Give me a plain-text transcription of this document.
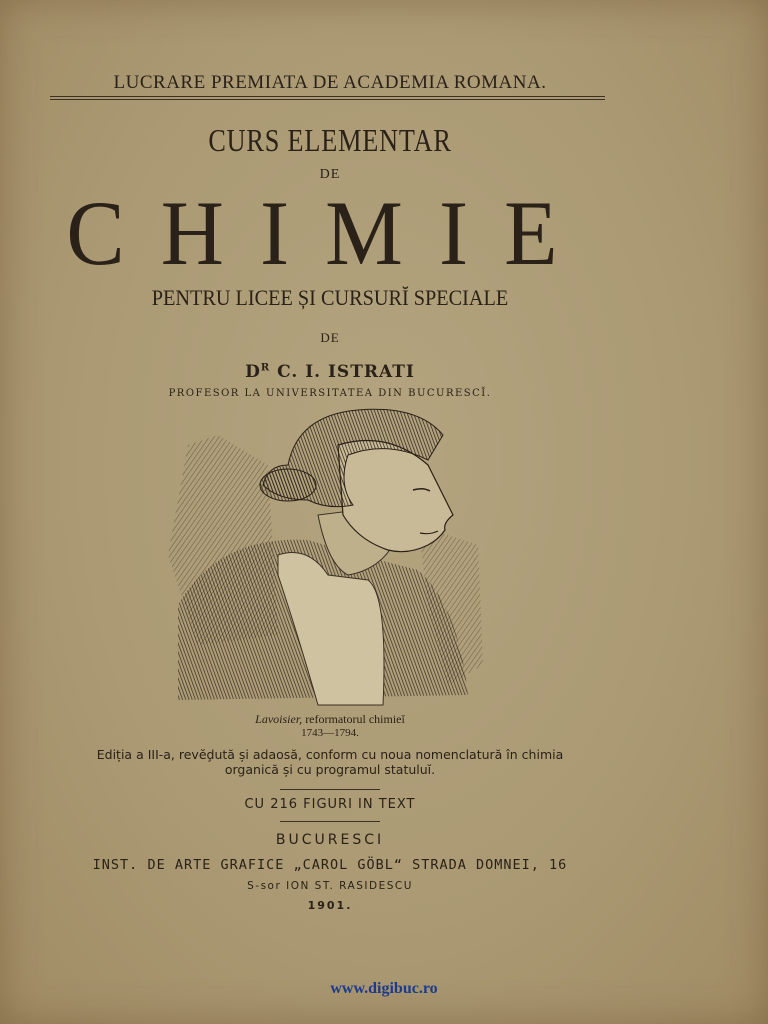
LUCRARE PREMIATA DE ACADEMIA ROMANA.
CURS ELEMENTAR
DE
CHIMIE
PENTRU LICEE ȘI CURSURĬ SPECIALE
DE
$D^R$ C. I. ISTRATI
PROFESOR LA UNIVERSITATEA DIN BUCURESCĬ.
Lavoisier, reformatorul chimieĭ
1743—1794.
Ediția a III-a, revĕḑută și adaosă, conform cu noua nomenclatură în chimia
organică și cu programul statuluĭ.
CU 216 FIGURI IN TEXT
BUCURESCI
INST. DE ARTE GRAFICE „CAROL GÖBL“ STRADA DOMNEI, 16
S-sor ION ST. RASIDESCU
1901.
www.digibuc.ro
